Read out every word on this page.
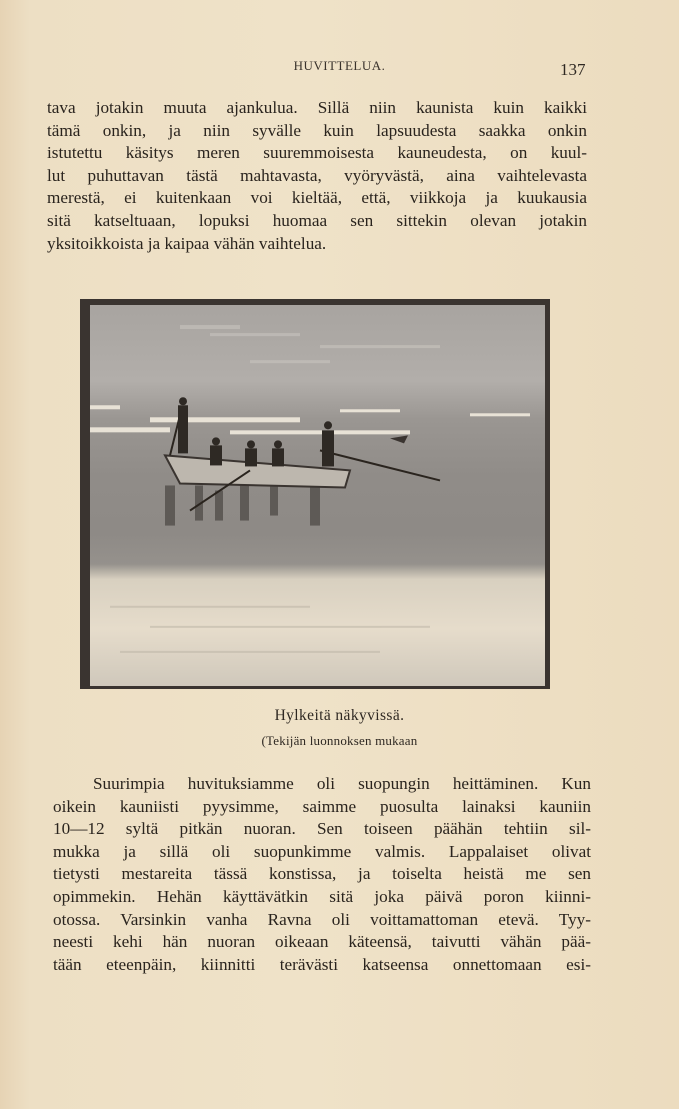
HUVITTELUA.	137
tava jotakin muuta ajankulua. Sillä niin kaunista kuin kaikki
tämä onkin, ja niin syvälle kuin lapsuudesta saakka onkin
istutettu käsitys meren suuremmoisesta kauneudesta, on kuul-
lut puhuttavan tästä mahtavasta, vyöryvästä, aina vaihtelevasta
merestä, ei kuitenkaan voi kieltää, että, viikkoja ja kuukausia
sitä katseltuaan, lopuksi huomaa sen sittekin olevan jotakin
yksitoikkoista ja kaipaa vähän vaihtelua.
Hylkeitä näkyvissä.
(Tekijän luonnoksen mukaan
Suurimpia huvituksiamme oli suopungin heittäminen. Kun
oikein kauniisti pyysimme, saimme puosulta lainaksi kauniin
10—12 syltä pitkän nuoran. Sen toiseen päähän tehtiin sil-
mukka ja sillä oli suopunkimme valmis. Lappalaiset olivat
tietysti mestareita tässä konstissa, ja toiselta heistä me sen
opimmekin. Hehän käyttävätkin sitä joka päivä poron kiinni-
otossa. Varsinkin vanha Ravna oli voittamattoman etevä. Tyy-
neesti kehi hän nuoran oikeaan käteensä, taivutti vähän pää-
tään eteenpäin, kiinnitti terävästi katseensa onnettomaan esi-
